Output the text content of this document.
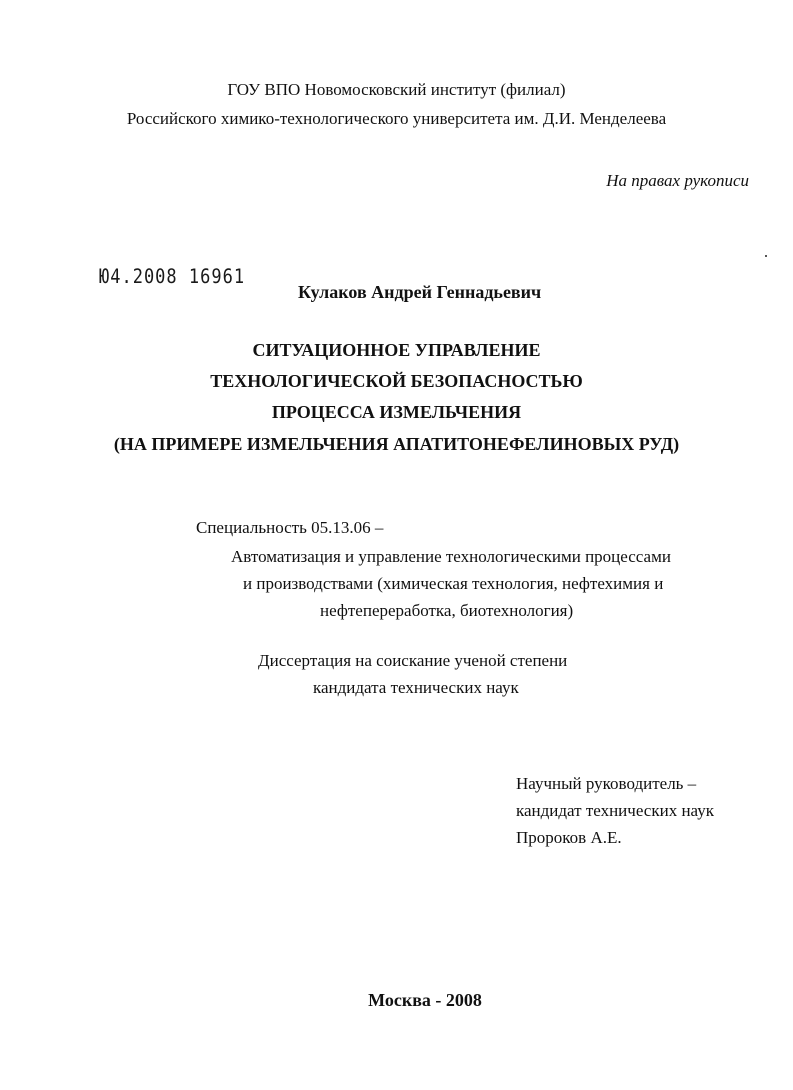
ГОУ ВПО Новомосковский институт (филиал)

Российского химико-технологического университета им. Д.И. Менделеева

На правах рукописи

Ю4.2008 16961

Кулаков Андрей Геннадьевич

СИТУАЦИОННОЕ УПРАВЛЕНИЕ

ТЕХНОЛОГИЧЕСКОЙ БЕЗОПАСНОСТЬЮ

ПРОЦЕССА ИЗМЕЛЬЧЕНИЯ

(НА ПРИМЕРЕ ИЗМЕЛЬЧЕНИЯ АПАТИТОНЕФЕЛИНОВЫХ РУД)

Специальность 05.13.06 –

Автоматизация и управление технологическими процессами

и производствами (химическая технология, нефтехимия и

нефтепереработка, биотехнология)

Диссертация на соискание ученой степени

кандидата технических наук

Научный руководитель –

кандидат технических наук

Пророков А.Е.

Москва - 2008
